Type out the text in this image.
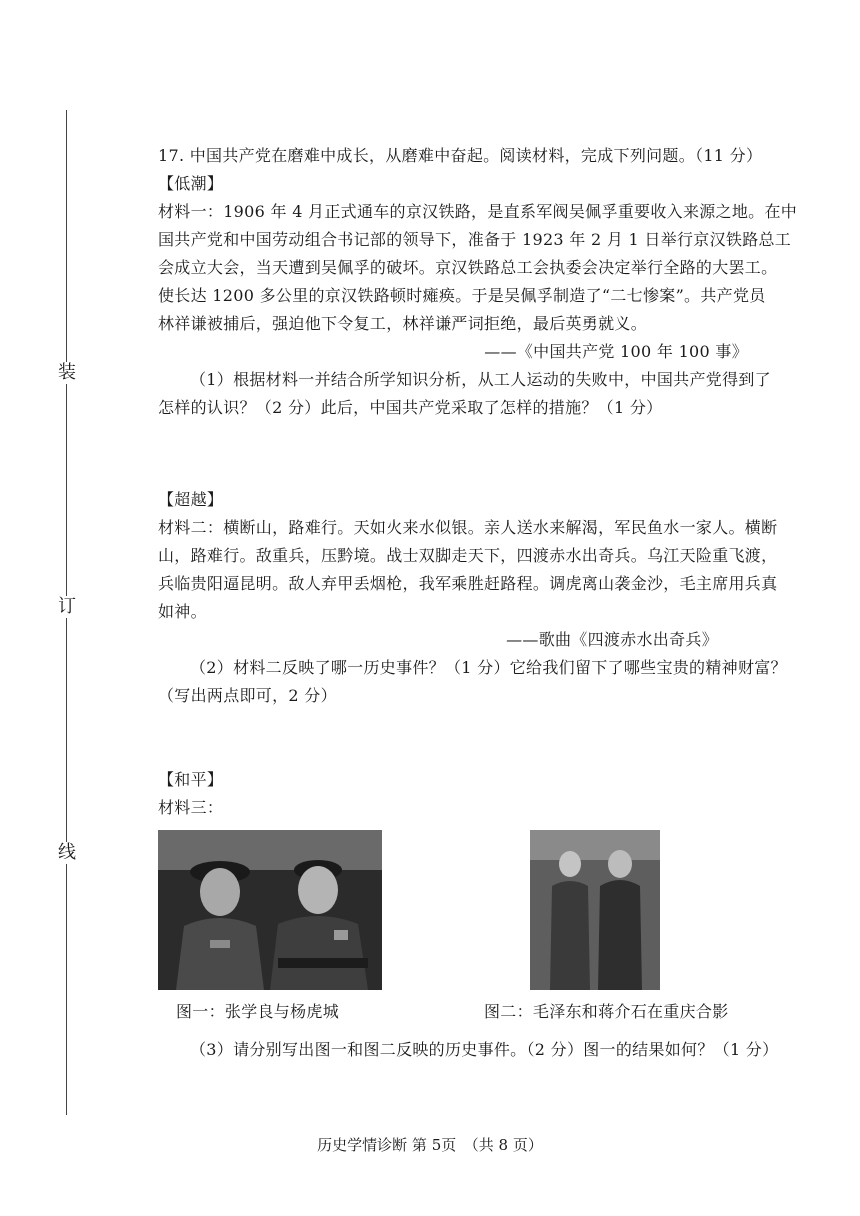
装
订
线

17. 中国共产党在磨难中成长，从磨难中奋起。阅读材料，完成下列问题。（11 分）

【低潮】

材料一：1906 年 4 月正式通车的京汉铁路，是直系军阀吴佩孚重要收入来源之地。在中

国共产党和中国劳动组合书记部的领导下，准备于 1923 年 2 月 1 日举行京汉铁路总工

会成立大会，当天遭到吴佩孚的破坏。京汉铁路总工会执委会决定举行全路的大罢工。

使长达 1200 多公里的京汉铁路顿时瘫痪。于是吴佩孚制造了“二七惨案”。共产党员

林祥谦被捕后，强迫他下令复工，林祥谦严词拒绝，最后英勇就义。

——《中国共产党 100 年 100 事》

（1）根据材料一并结合所学知识分析，从工人运动的失败中，中国共产党得到了

怎样的认识？（2 分）此后，中国共产党采取了怎样的措施？（1 分）

【超越】

材料二：横断山，路难行。天如火来水似银。亲人送水来解渴，军民鱼水一家人。横断

山，路难行。敌重兵，压黔境。战士双脚走天下，四渡赤水出奇兵。乌江天险重飞渡，

兵临贵阳逼昆明。敌人弃甲丢烟枪，我军乘胜赶路程。调虎离山袭金沙，毛主席用兵真

如神。

——歌曲《四渡赤水出奇兵》

（2）材料二反映了哪一历史事件？（1 分）它给我们留下了哪些宝贵的精神财富？

（写出两点即可，2 分）

【和平】

材料三：

图一：张学良与杨虎城	图二：毛泽东和蒋介石在重庆合影

（3）请分别写出图一和图二反映的历史事件。（2 分）图一的结果如何？（1 分）

历史学情诊断 第 5页　（共 8 页）
